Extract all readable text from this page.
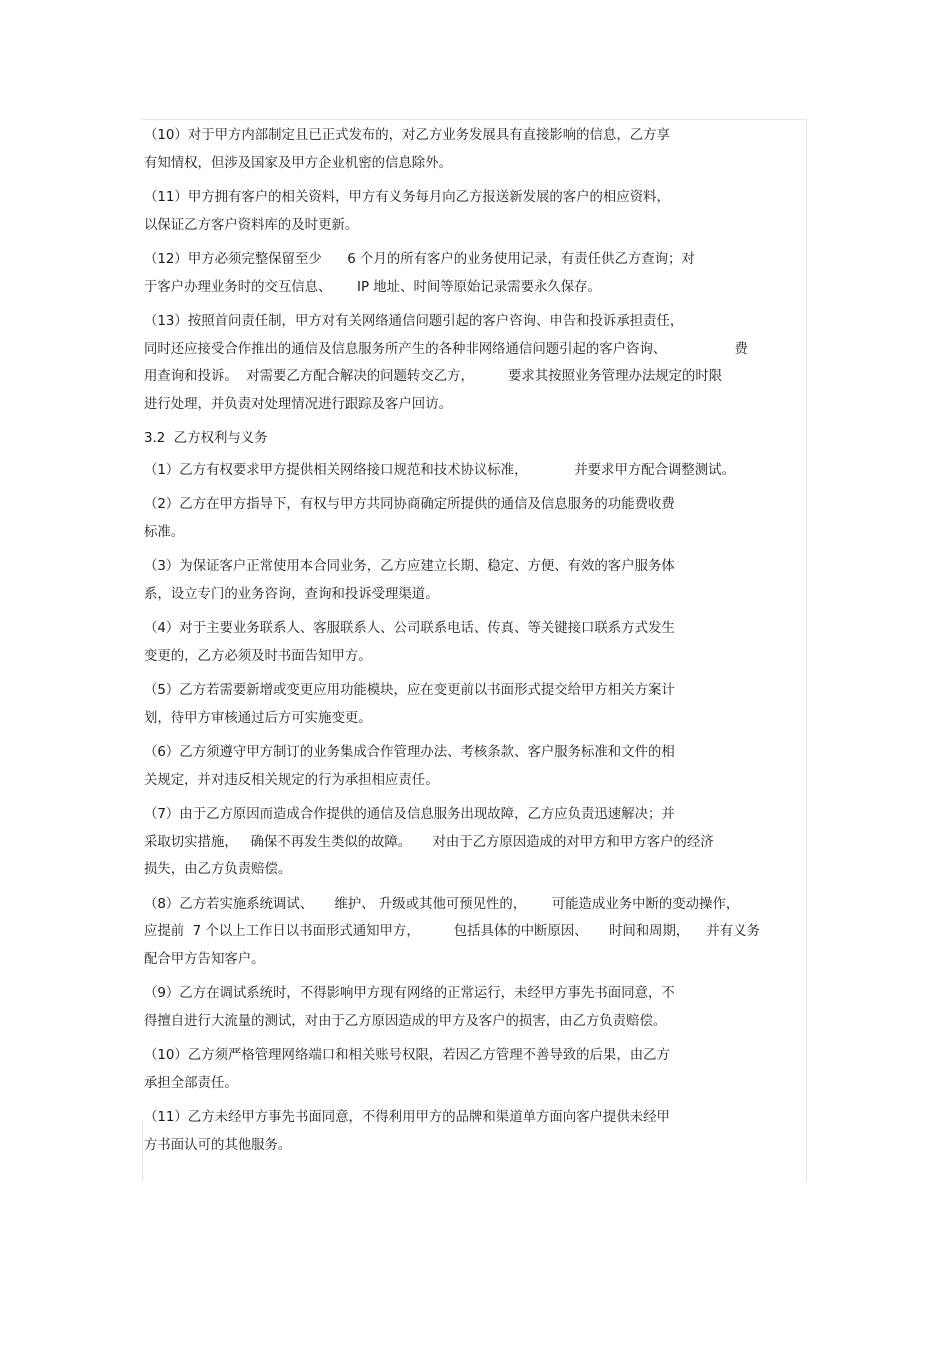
（10）对于甲方内部制定且已正式发布的，对乙方业务发展具有直接影响的信息，乙方享
有知情权，但涉及国家及甲方企业机密的信息除外。
（11）甲方拥有客户的相关资料，甲方有义务每月向乙方报送新发展的客户的相应资料，
以保证乙方客户资料库的及时更新。
（12）甲方必须完整保留至少      6 个月的所有客户的业务使用记录，有责任供乙方查询；对
于客户办理业务时的交互信息、      IP 地址、时间等原始记录需要永久保存。
（13）按照首问责任制，甲方对有关网络通信问题引起的客户咨询、申告和投诉承担责任，
同时还应接受合作推出的通信及信息服务所产生的各种非网络通信问题引起的客户咨询、                费
用查询和投诉。  对需要乙方配合解决的问题转交乙方，        要求其按照业务管理办法规定的时限
进行处理，并负责对处理情况进行跟踪及客户回访。
3.2  乙方权利与义务
（1）乙方有权要求甲方提供相关网络接口规范和技术协议标准，           并要求甲方配合调整测试。
（2）乙方在甲方指导下，有权与甲方共同协商确定所提供的通信及信息服务的功能费收费
标准。
（3）为保证客户正常使用本合同业务，乙方应建立长期、稳定、方便、有效的客户服务体
系，设立专门的业务咨询，查询和投诉受理渠道。
（4）对于主要业务联系人、客服联系人、公司联系电话、传真、等关键接口联系方式发生
变更的，乙方必须及时书面告知甲方。
（5）乙方若需要新增或变更应用功能模块，应在变更前以书面形式提交给甲方相关方案计
划，待甲方审核通过后方可实施变更。
（6）乙方须遵守甲方制订的业务集成合作管理办法、考核条款、客户服务标准和文件的相
关规定，并对违反相关规定的行为承担相应责任。
（7）由于乙方原因而造成合作提供的通信及信息服务出现故障，乙方应负责迅速解决；并
采取切实措施，   确保不再发生类似的故障。     对由于乙方原因造成的对甲方和甲方客户的经济
损失，由乙方负责赔偿。
（8）乙方若实施系统调试、     维护、 升级或其他可预见性的，      可能造成业务中断的变动操作，
应提前  7 个以上工作日以书面形式通知甲方，        包括具体的中断原因、     时间和周期，    并有义务
配合甲方告知客户。
（9）乙方在调试系统时，不得影响甲方现有网络的正常运行，未经甲方事先书面同意，不
得擅自进行大流量的测试，对由于乙方原因造成的甲方及客户的损害，由乙方负责赔偿。
（10）乙方须严格管理网络端口和相关账号权限，若因乙方管理不善导致的后果，由乙方
承担全部责任。
（11）乙方未经甲方事先书面同意，不得利用甲方的品牌和渠道单方面向客户提供未经甲
方书面认可的其他服务。
